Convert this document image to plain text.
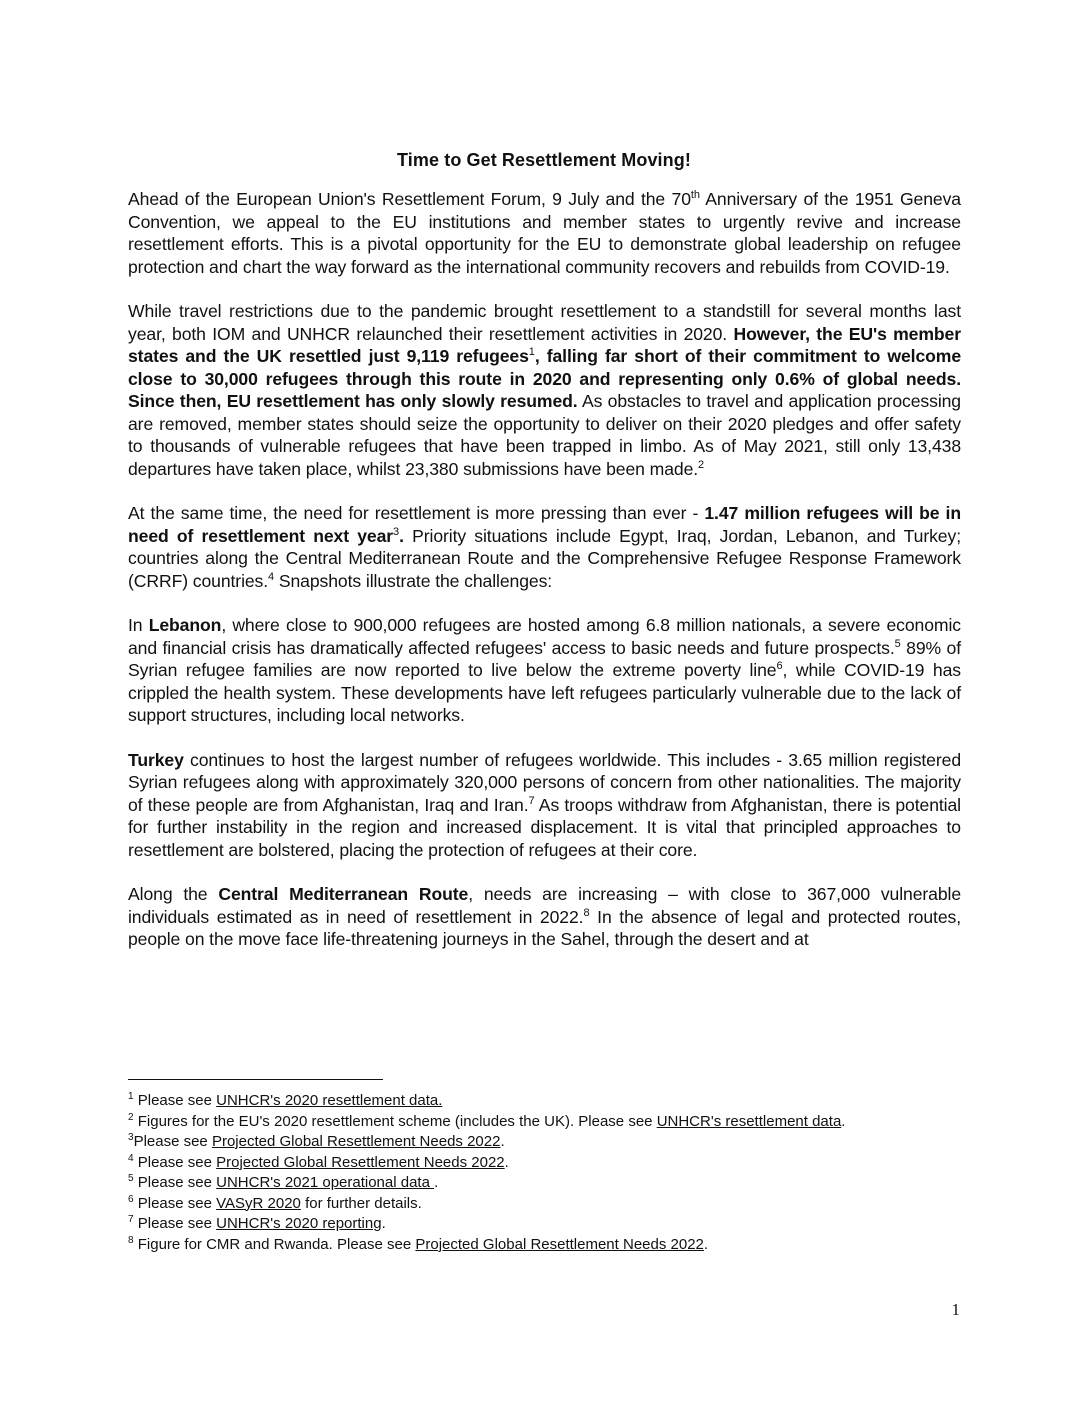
Time to Get Resettlement Moving!

Ahead of the European Union's Resettlement Forum, 9 July and the 70th Anniversary of the 1951 Geneva Convention, we appeal to the EU institutions and member states to urgently revive and increase resettlement efforts. This is a pivotal opportunity for the EU to demonstrate global leadership on refugee protection and chart the way forward as the international community recovers and rebuilds from COVID-19.

While travel restrictions due to the pandemic brought resettlement to a standstill for several months last year, both IOM and UNHCR relaunched their resettlement activities in 2020. However, the EU's member states and the UK resettled just 9,119 refugees$^1$, falling far short of their commitment to welcome close to 30,000 refugees through this route in 2020 and representing only 0.6% of global needs. Since then, EU resettlement has only slowly resumed. As obstacles to travel and application processing are removed, member states should seize the opportunity to deliver on their 2020 pledges and offer safety to thousands of vulnerable refugees that have been trapped in limbo. As of May 2021, still only 13,438 departures have taken place, whilst 23,380 submissions have been made.$^2$

At the same time, the need for resettlement is more pressing than ever - 1.47 million refugees will be in need of resettlement next year$^3$. Priority situations include Egypt, Iraq, Jordan, Lebanon, and Turkey; countries along the Central Mediterranean Route and the Comprehensive Refugee Response Framework (CRRF) countries.$^4$ Snapshots illustrate the challenges:

In Lebanon, where close to 900,000 refugees are hosted among 6.8 million nationals, a severe economic and financial crisis has dramatically affected refugees' access to basic needs and future prospects.$^5$ 89% of Syrian refugee families are now reported to live below the extreme poverty line$^6$, while COVID-19 has crippled the health system. These developments have left refugees particularly vulnerable due to the lack of support structures, including local networks.

Turkey continues to host the largest number of refugees worldwide. This includes - 3.65 million registered Syrian refugees along with approximately 320,000 persons of concern from other nationalities. The majority of these people are from Afghanistan, Iraq and Iran.$^7$ As troops withdraw from Afghanistan, there is potential for further instability in the region and increased displacement. It is vital that principled approaches to resettlement are bolstered, placing the protection of refugees at their core.

Along the Central Mediterranean Route, needs are increasing – with close to 367,000 vulnerable individuals estimated as in need of resettlement in 2022.$^8$ In the absence of legal and protected routes, people on the move face life-threatening journeys in the Sahel, through the desert and at

$^1$ Please see UNHCR's 2020 resettlement data.

$^2$ Figures for the EU's 2020 resettlement scheme (includes the UK). Please see UNHCR's resettlement data.

$^3$Please see Projected Global Resettlement Needs 2022.

$^4$ Please see Projected Global Resettlement Needs 2022.

$^5$ Please see UNHCR's 2021 operational data .

$^6$ Please see VASyR 2020 for further details.

$^7$ Please see UNHCR's 2020 reporting.

$^8$ Figure for CMR and Rwanda. Please see Projected Global Resettlement Needs 2022.

1
